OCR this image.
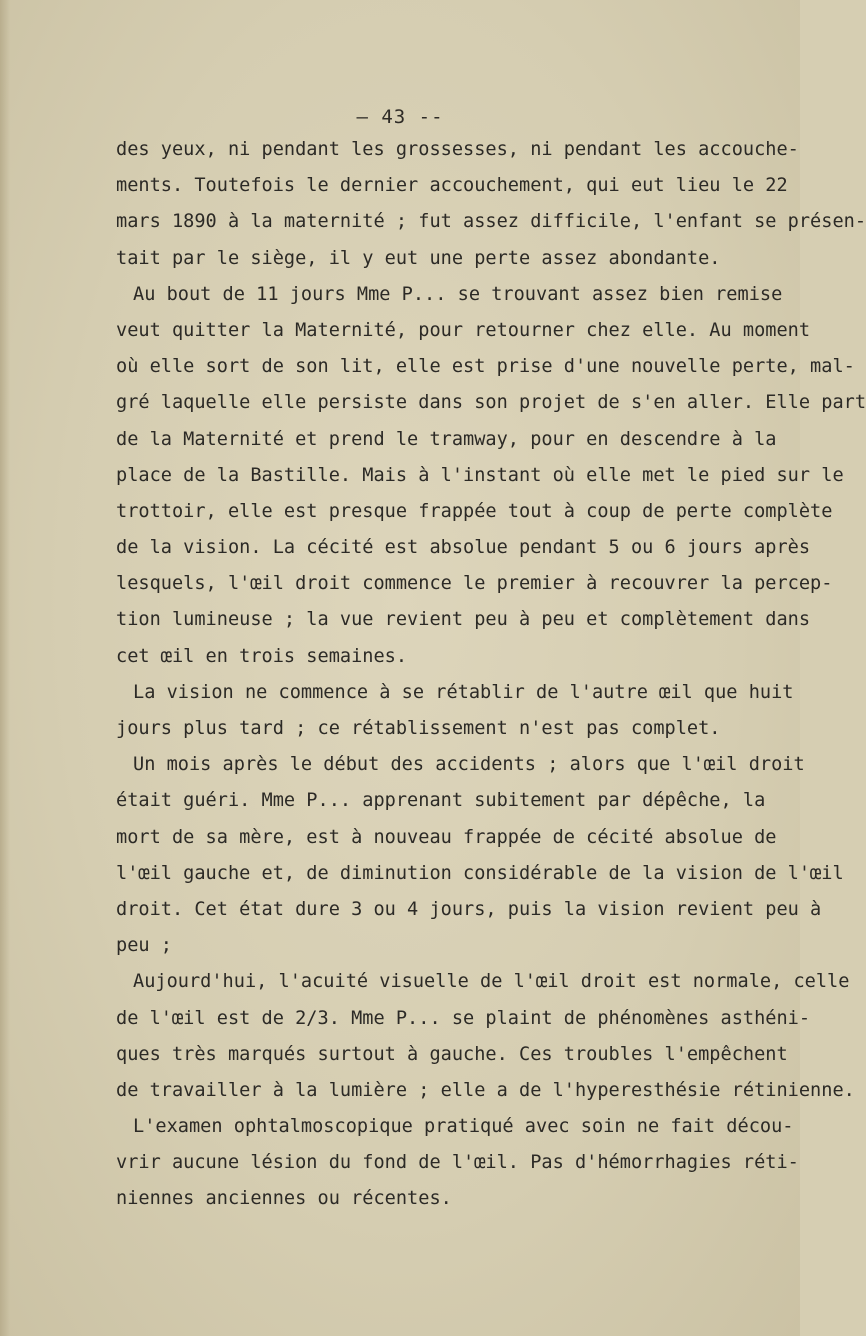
— 43 --
des yeux, ni pendant les grossesses, ni pendant les accouche-
ments. Toutefois le dernier accouchement, qui eut lieu le 22
mars 1890 à la maternité ; fut assez difficile, l'enfant se présen-
tait par le siège, il y eut une perte assez abondante.
Au bout de 11 jours Mme P... se trouvant assez bien remise
veut quitter la Maternité, pour retourner chez elle. Au moment
où elle sort de son lit, elle est prise d'une nouvelle perte, mal-
gré laquelle elle persiste dans son projet de s'en aller. Elle part
de la Maternité et prend le tramway, pour en descendre à la
place de la Bastille. Mais à l'instant où elle met le pied sur le
trottoir, elle est presque frappée tout à coup de perte complète
de la vision. La cécité est absolue pendant 5 ou 6 jours après
lesquels, l'œil droit commence le premier à recouvrer la percep-
tion lumineuse ; la vue revient peu à peu et complètement dans
cet œil en trois semaines.
La vision ne commence à se rétablir de l'autre œil que huit
jours plus tard ; ce rétablissement n'est pas complet.
Un mois après le début des accidents ; alors que l'œil droit
était guéri. Mme P... apprenant subitement par dépêche, la
mort de sa mère, est à nouveau frappée de cécité absolue de
l'œil gauche et, de diminution considérable de la vision de l'œil
droit. Cet état dure 3 ou 4 jours, puis la vision revient peu à
peu ;
Aujourd'hui, l'acuité visuelle de l'œil droit est normale, celle
de l'œil est de 2/3. Mme P... se plaint de phénomènes asthéni-
ques très marqués surtout à gauche. Ces troubles l'empêchent
de travailler à la lumière ; elle a de l'hyperesthésie rétinienne.
L'examen ophtalmoscopique pratiqué avec soin ne fait décou-
vrir aucune lésion du fond de l'œil. Pas d'hémorrhagies réti-
niennes anciennes ou récentes.
